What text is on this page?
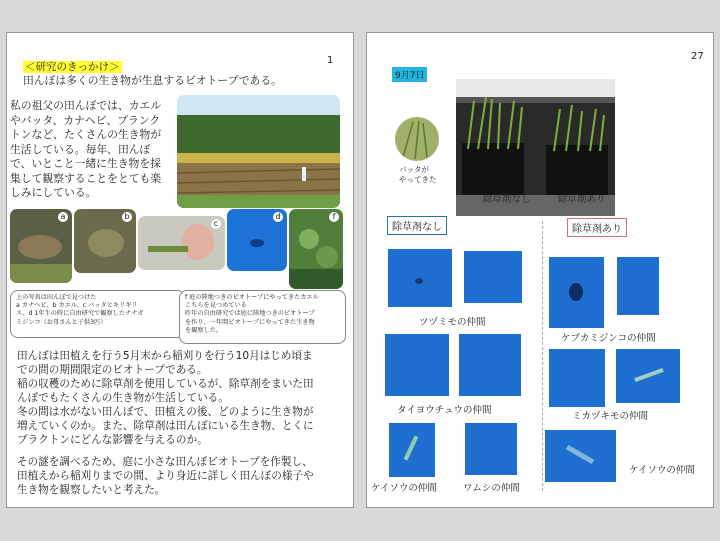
1
＜研究のきっかけ＞
田んぼは多くの生き物が生息するビオトープである。
私の祖父の田んぼでは、カエル
やバッタ、カナヘビ、プランク
トンなど、たくさんの生き物が
生活している。毎年、田んぼ
で、いとこと一緒に生き物を採
集して観察することをとても楽
しみにしている。
a	b
c
d	f
上の写真は田んぼで見つけた
a カナヘビ、b カエル、c バッタとキリギリ
ス、d 1年生の時に自由研究で観察したナナガ
ミジンコ（お母さんと子供3匹）
f 庭の陸地つきのビオトープにやってきたカエル
こちらを見つめている
昨年の自由研究では庭に陸地つきのビオトープ
を作り、一年間ビオトープにやってきた生き物
を観察した。
田んぼは田植えを行う5月末から稲刈りを行う10月はじめ頃ま
での間の期間限定のビオトープである。
稲の収穫のために除草剤を使用しているが、除草剤をまいた田
んぼでもたくさんの生き物が生活している。
冬の間は水がない田んぼで、田植えの後、どのように生き物が
増えていくのか。また、除草剤は田んぼにいる生き物、とくに
プラクトンにどんな影響を与えるのか。
その謎を調べるため、庭に小さな田んぼビオトープを作製し、
田植えから稲刈りまでの間、より身近に詳しく田んぼの様子や
生き物を観察したいと考えた。
27
9月7日
バッタが
やってきた
除草剤なし	除草剤あり
除草剤なし	除草剤あり
ツヅミモの仲間
タイヨウチュウの仲間
ケイソウの仲間	ワムシの仲間
ケブカミジンコの仲間
ミカヅキモの仲間
ケイソウの仲間
